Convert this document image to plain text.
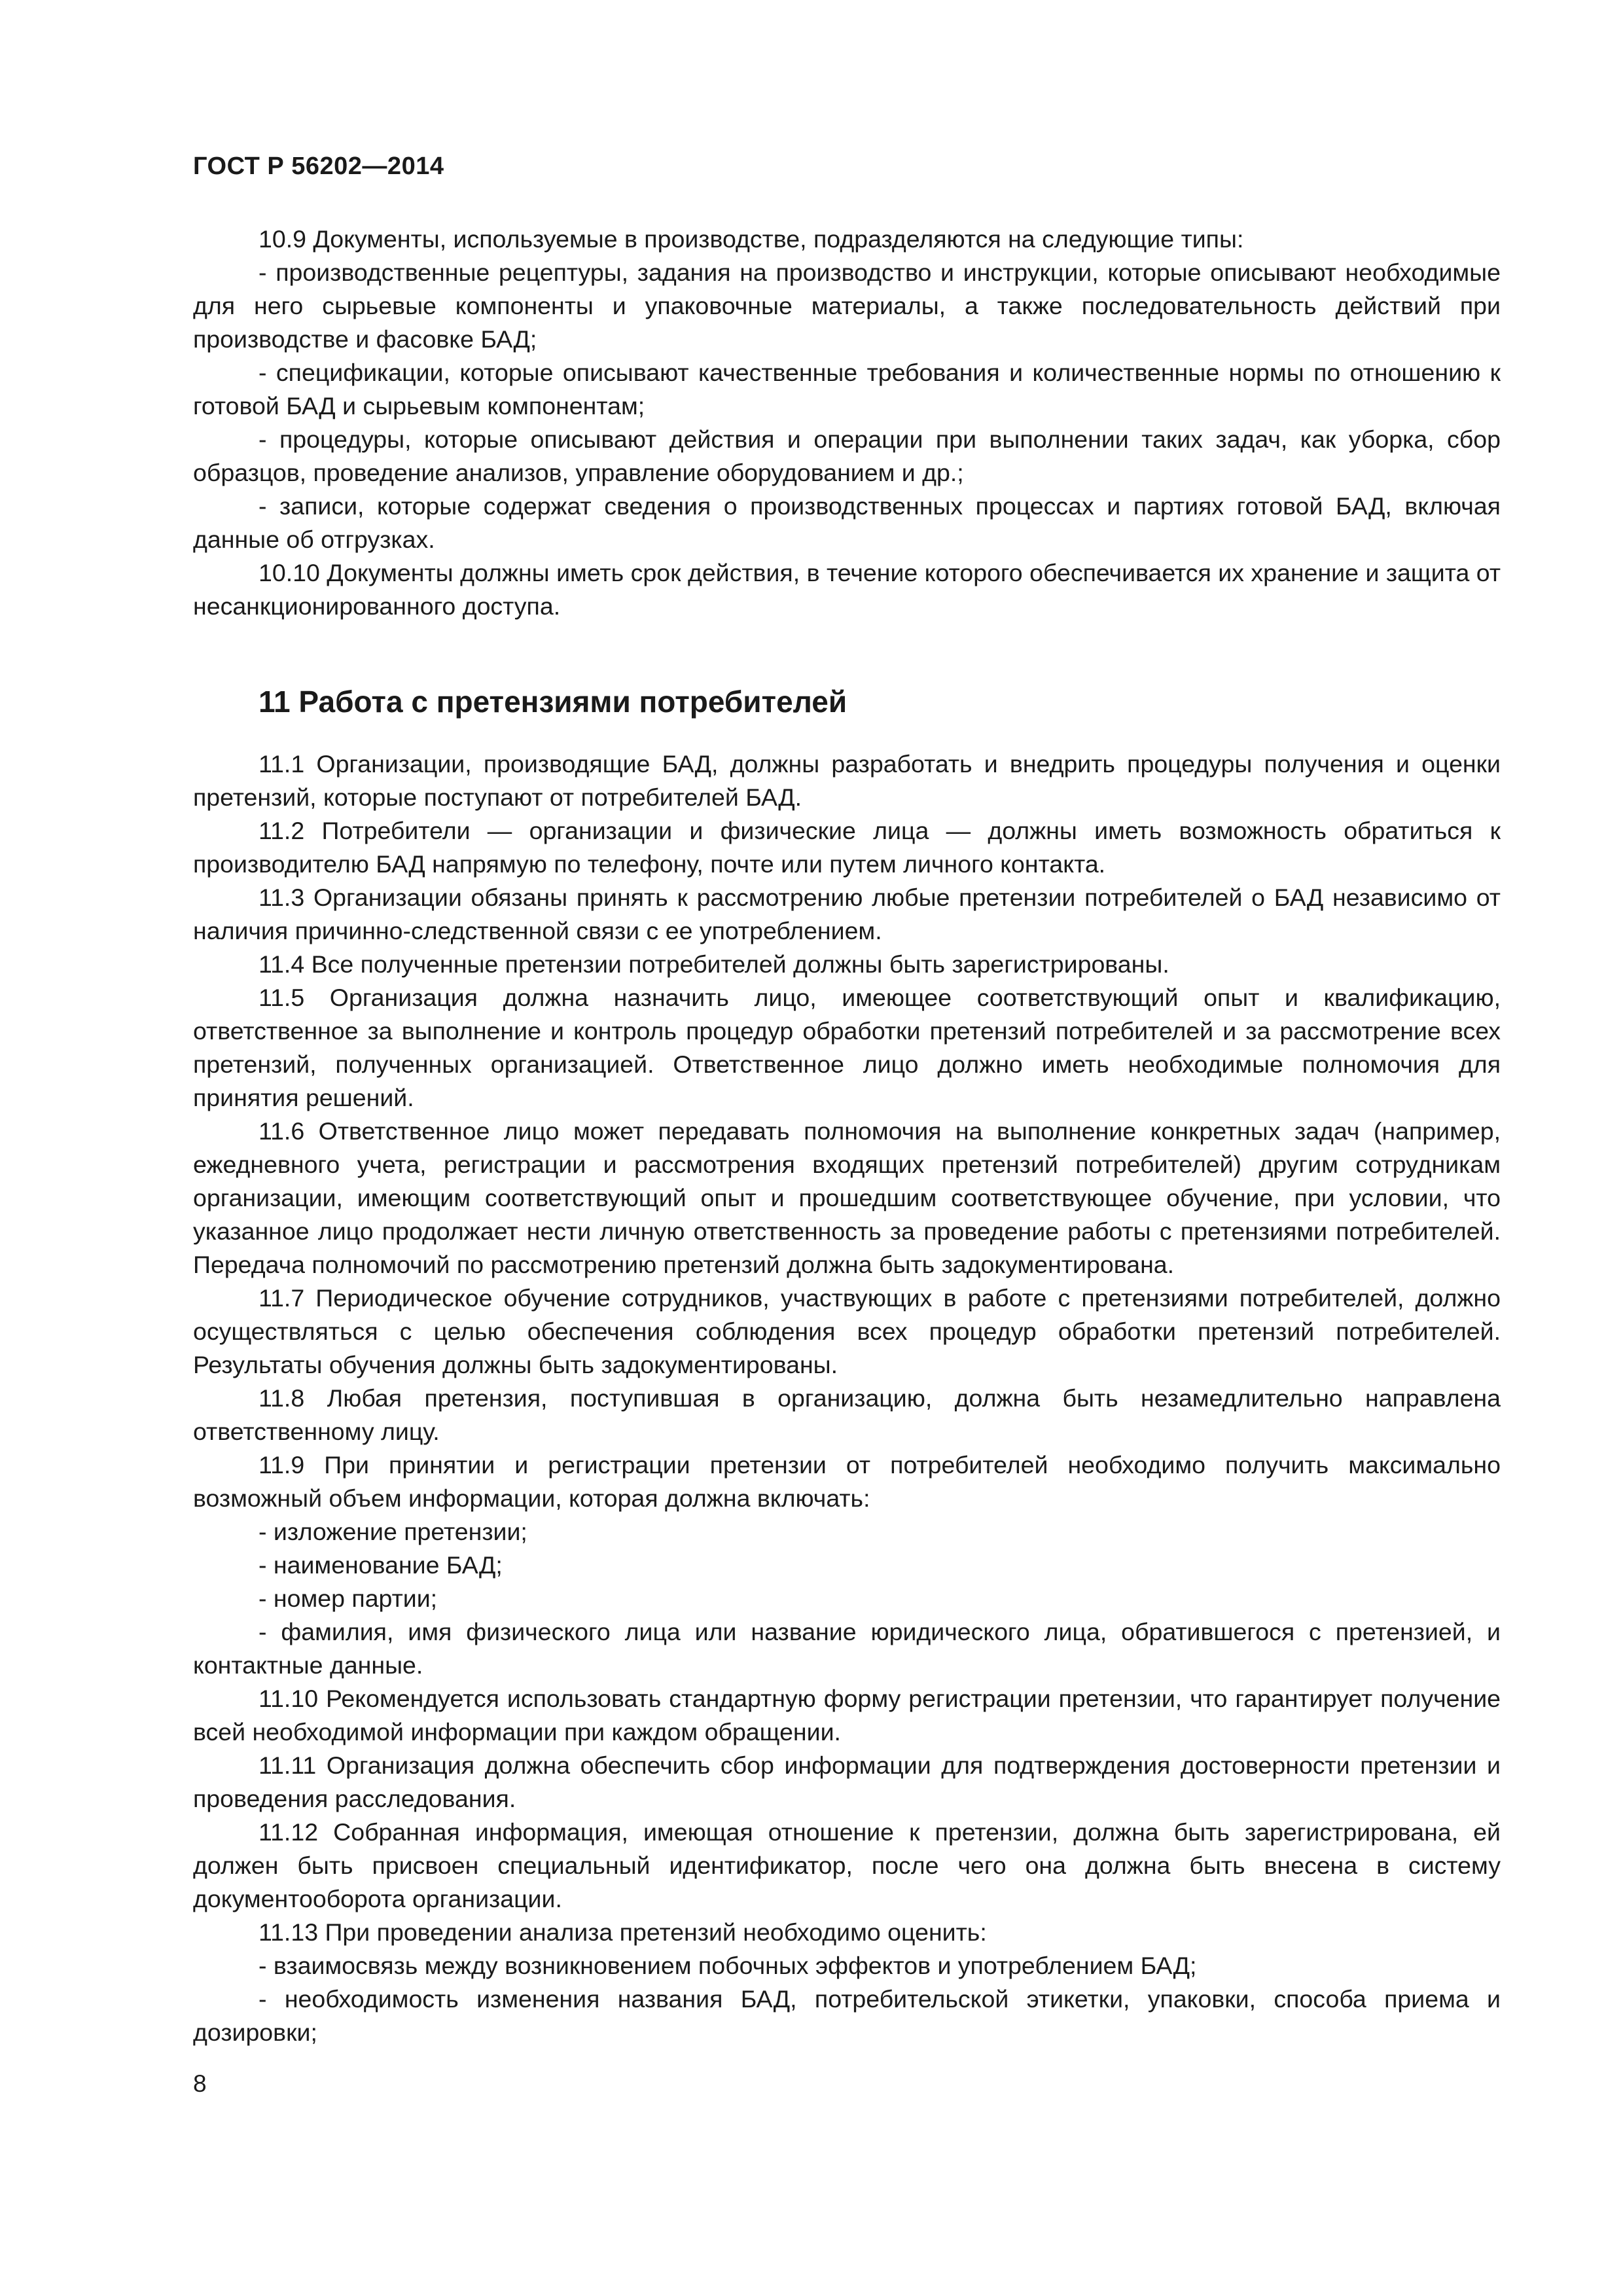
ГОСТ Р 56202—2014

10.9 Документы, используемые в производстве, подразделяются на следующие типы:

- производственные рецептуры, задания на производство и инструкции, которые описывают необходимые для него сырьевые компоненты и упаковочные материалы, а также последовательность действий при производстве и фасовке БАД;

- спецификации, которые описывают качественные требования и количественные нормы по отношению к готовой БАД и сырьевым компонентам;

- процедуры, которые описывают действия и операции при выполнении таких задач, как уборка, сбор образцов, проведение анализов, управление оборудованием и др.;

- записи, которые содержат сведения о производственных процессах и партиях готовой БАД, включая данные об отгрузках.

10.10 Документы должны иметь срок действия, в течение которого обеспечивается их хранение и защита от несанкционированного доступа.

11 Работа с претензиями потребителей

11.1 Организации, производящие БАД, должны разработать и внедрить процедуры получения и оценки претензий, которые поступают от потребителей БАД.

11.2 Потребители — организации и физические лица — должны иметь возможность обратиться к производителю БАД напрямую по телефону, почте или путем личного контакта.

11.3 Организации обязаны принять к рассмотрению любые претензии потребителей о БАД независимо от наличия причинно-следственной связи с ее употреблением.

11.4 Все полученные претензии потребителей должны быть зарегистрированы.

11.5 Организация должна назначить лицо, имеющее соответствующий опыт и квалификацию, ответственное за выполнение и контроль процедур обработки претензий потребителей и за рассмотрение всех претензий, полученных организацией. Ответственное лицо должно иметь необходимые полномочия для принятия решений.

11.6 Ответственное лицо может передавать полномочия на выполнение конкретных задач (например, ежедневного учета, регистрации и рассмотрения входящих претензий потребителей) другим сотрудникам организации, имеющим соответствующий опыт и прошедшим соответствующее обучение, при условии, что указанное лицо продолжает нести личную ответственность за проведение работы с претензиями потребителей. Передача полномочий по рассмотрению претензий должна быть задокументирована.

11.7 Периодическое обучение сотрудников, участвующих в работе с претензиями потребителей, должно осуществляться с целью обеспечения соблюдения всех процедур обработки претензий потребителей. Результаты обучения должны быть задокументированы.

11.8 Любая претензия, поступившая в организацию, должна быть незамедлительно направлена ответственному лицу.

11.9 При принятии и регистрации претензии от потребителей необходимо получить максимально возможный объем информации, которая должна включать:

- изложение претензии;

- наименование БАД;

- номер партии;

- фамилия, имя физического лица или название юридического лица, обратившегося с претензией, и контактные данные.

11.10 Рекомендуется использовать стандартную форму регистрации претензии, что гарантирует получение всей необходимой информации при каждом обращении.

11.11 Организация должна обеспечить сбор информации для подтверждения достоверности претензии и проведения расследования.

11.12 Собранная информация, имеющая отношение к претензии, должна быть зарегистрирована, ей должен быть присвоен специальный идентификатор, после чего она должна быть внесена в систему документооборота организации.

11.13 При проведении анализа претензий необходимо оценить:

- взаимосвязь между возникновением побочных эффектов и употреблением БАД;

- необходимость изменения названия БАД, потребительской этикетки, упаковки, способа приема и дозировки;

8
